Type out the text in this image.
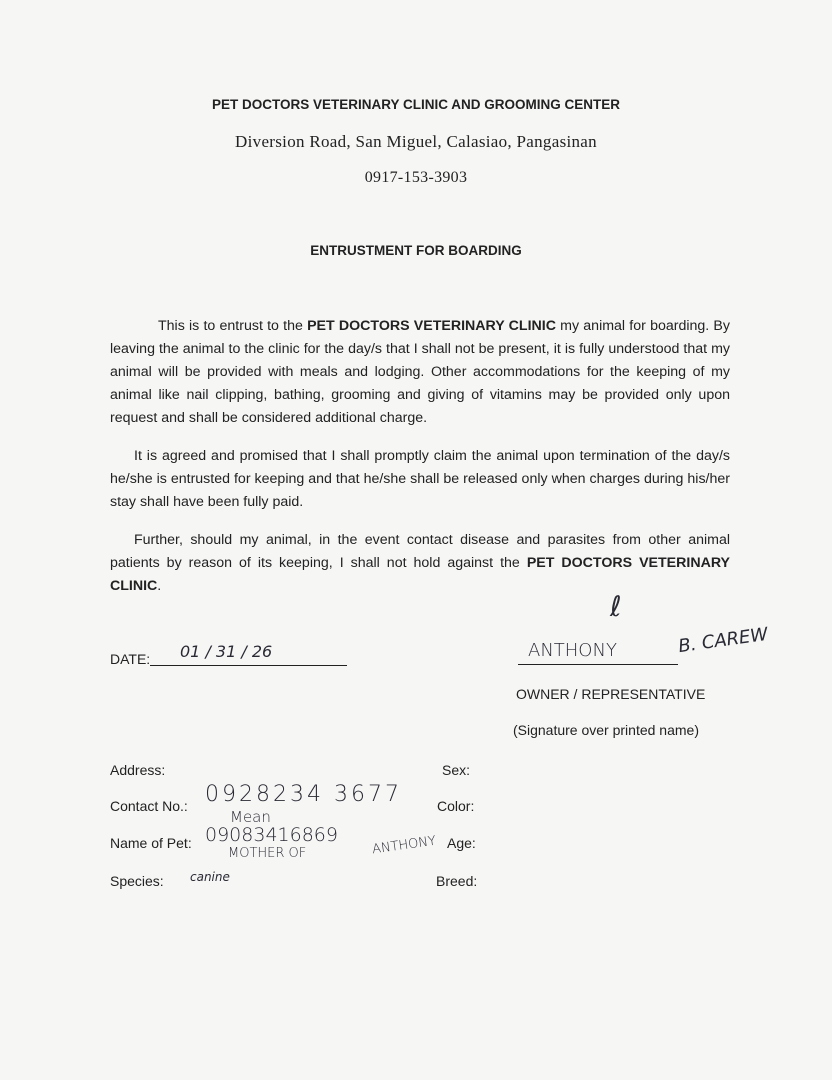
PET DOCTORS VETERINARY CLINIC AND GROOMING CENTER
Diversion Road, San Miguel, Calasiao, Pangasinan
0917-153-3903
ENTRUSTMENT FOR BOARDING
This is to entrust to the PET DOCTORS VETERINARY CLINIC my animal for boarding. By leaving the animal to the clinic for the day/s that I shall not be present, it is fully understood that my animal will be provided with meals and lodging. Other accommodations for the keeping of my animal like nail clipping, bathing, grooming and giving of vitamins may be provided only upon request and shall be considered additional charge.
It is agreed and promised that I shall promptly claim the animal upon termination of the day/s he/she is entrusted for keeping and that he/she shall be released only when charges during his/her stay shall have been fully paid.
Further, should my animal, in the event contact disease and parasites from other animal patients by reason of its keeping, I shall not hold against the PET DOCTORS VETERINARY CLINIC.
DATE: 01 / 31 / 26
ℓ
ANTHONY	B. CAREW
OWNER / REPRESENTATIVE
(Signature over printed name)
Address:
Contact No.: 0928234 3677
Name of Pet:
Mean
09083416869
MOTHER OF	ANTHONY
Species: canine
Sex:
Color:
Age:
Breed:
